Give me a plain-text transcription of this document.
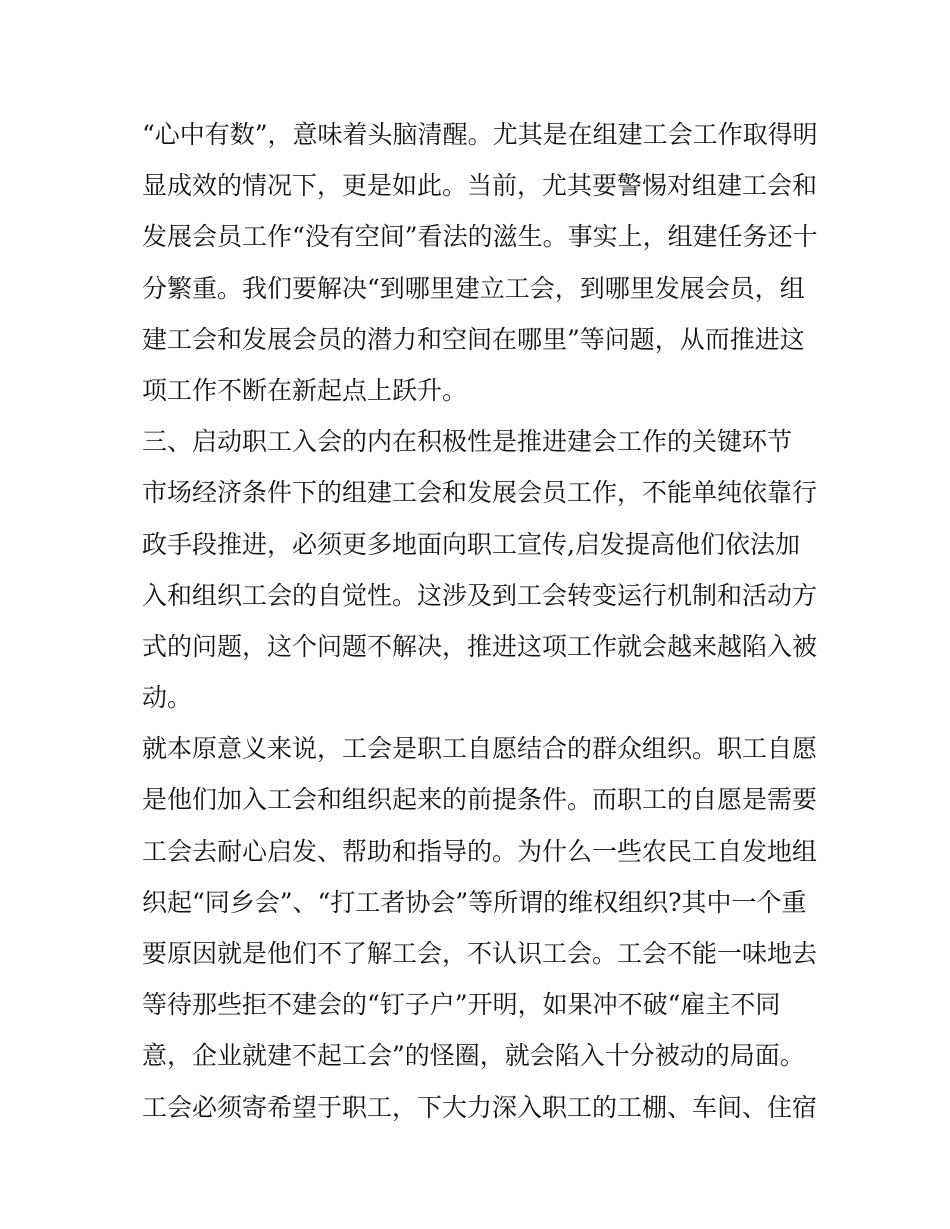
“心中有数”，意味着头脑清醒。尤其是在组建工会工作取得明
显成效的情况下，更是如此。当前，尤其要警惕对组建工会和
发展会员工作“没有空间”看法的滋生。事实上，组建任务还十
分繁重。我们要解决“到哪里建立工会，到哪里发展会员，组
建工会和发展会员的潜力和空间在哪里”等问题，从而推进这
项工作不断在新起点上跃升。
三、启动职工入会的内在积极性是推进建会工作的关键环节
市场经济条件下的组建工会和发展会员工作，不能单纯依靠行
政手段推进，必须更多地面向职工宣传,启发提高他们依法加
入和组织工会的自觉性。这涉及到工会转变运行机制和活动方
式的问题，这个问题不解决，推进这项工作就会越来越陷入被
动。
就本原意义来说，工会是职工自愿结合的群众组织。职工自愿
是他们加入工会和组织起来的前提条件。而职工的自愿是需要
工会去耐心启发、帮助和指导的。为什么一些农民工自发地组
织起“同乡会”、“打工者协会”等所谓的维权组织?其中一个重
要原因就是他们不了解工会，不认识工会。工会不能一味地去
等待那些拒不建会的“钉子户”开明，如果冲不破“雇主不同
意，企业就建不起工会”的怪圈，就会陷入十分被动的局面。
工会必须寄希望于职工，下大力深入职工的工棚、车间、住宿
